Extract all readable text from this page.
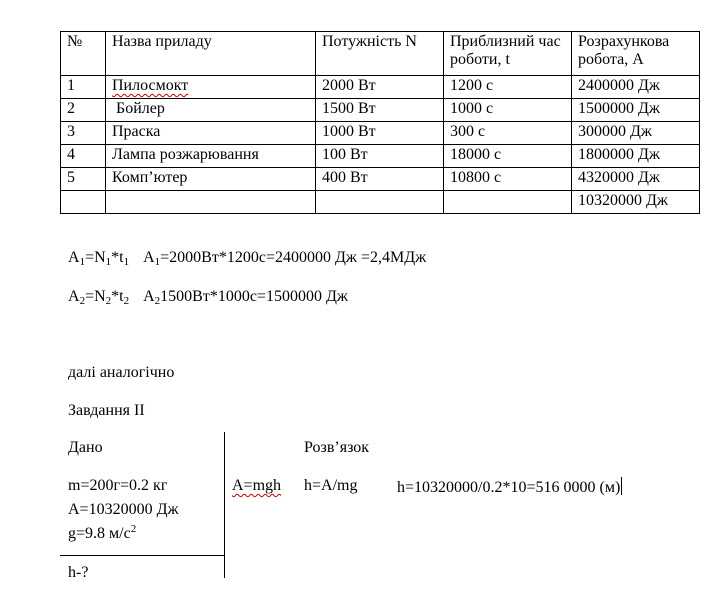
№	Назва приладу	Потужність N	Приблизний час роботи, t	Розрахункова робота, A
1	Пилосмокт	2000 Вт	1200 с	2400000 Дж
2	Бойлер	1500 Вт	1000 с	1500000 Дж
3	Праска	1000 Вт	300 с	300000 Дж
4	Лампа розжарювання	100 Вт	18000 с	1800000 Дж
5	Комп’ютер	400 Вт	10800 с	4320000 Дж
				10320000 Дж
$A_1=N_1*t_1$ $A_1=2000Вт*1200с=2400000$ Дж =2,4МДж
$A_2=N_2*t_2$ $A_21500Вт*1000с=1500000$ Дж
далі аналогічно
Завдання ІІ
Дано	Розв’язок
m=200г=0.2 кг
A=10320000 Дж
g=9.8 $м/с^2$
h-?
A=mgh h=A/mg h=10320000/0.2*10=516 0000 (м)
